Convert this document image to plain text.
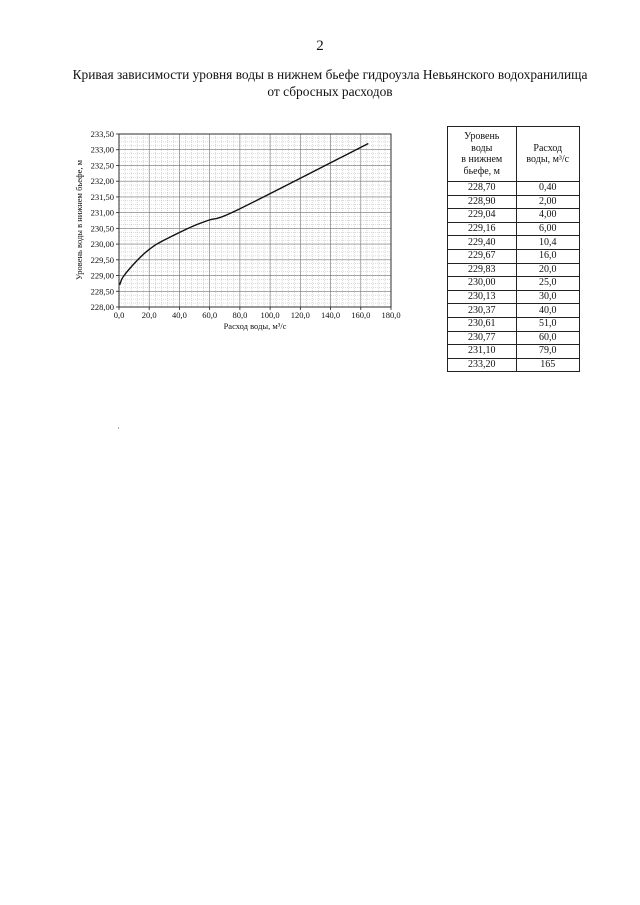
2
Кривая зависимости уровня воды в нижнем бьефе гидроузла Невьянского водохранилища
от сбросных расходов
0,0 20,0 40,0 60,0 80,0 100,0 120,0 140,0 160,0 180,0
228,00
228,50
229,00
229,50
230,00
230,50
231,00
231,50
232,00
232,50
233,00
233,50
Расход воды, м³/с
Уровень воды в нижнем бьефе, м
Уровень
воды
в нижнем
бьефе, м	Расход
воды, м³/с
228,70	0,40
228,90	2,00
229,04	4,00
229,16	6,00
229,40	10,4
229,67	16,0
229,83	20,0
230,00	25,0
230,13	30,0
230,37	40,0
230,61	51,0
230,77	60,0
231,10	79,0
233,20	165
